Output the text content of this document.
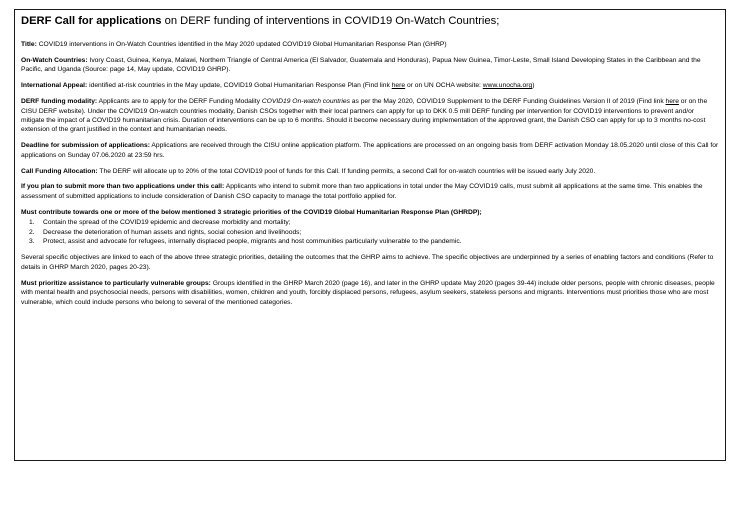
DERF Call for applications on DERF funding of interventions in COVID19 On-Watch Countries;

Title: COVID19 interventions in On-Watch Countries identified in the May 2020 updated COVID19 Global Humanitarian Response Plan (GHRP)

On-Watch Countries: Ivory Coast, Guinea, Kenya, Malawi, Northern Triangle of Central America (El Salvador, Guatemala and Honduras), Papua New Guinea, Timor-Leste, Small Island Developing States in the Caribbean and the Pacific, and Uganda (Source: page 14, May update, COVID19 GHRP).

International Appeal: identified at-risk countries in the May update, COVID19 Gobal Humanitarian Response Plan (Find link here or on UN OCHA website: www.unocha.org)

DERF funding modality: Applicants are to apply for the DERF Funding Modality COVID19 On-watch countries as per the May 2020, COVID19 Supplement to the DERF Funding Guidelines Version II of 2019 (Find link here or on the CISU DERF website). Under the COVID19 On-watch countries modality, Danish CSOs together with their local partners can apply for up to DKK 0.5 mill DERF funding per intervention for COVID19 interventions to prevent and/or mitigate the impact of a COVID19 humanitarian crisis. Duration of interventions can be up to 6 months. Should it become necessary during implementation of the approved grant, the Danish CSO can apply for up to 3 months no-cost extension of the grant justified in the context and humanitarian needs.

Deadline for submission of applications: Applications are received through the CISU online application platform. The applications are processed on an ongoing basis from DERF activation Monday 18.05.2020 until close of this Call for applications on Sunday 07.06.2020 at 23:59 hrs.

Call Funding Allocation: The DERF will allocate up to 20% of the total COVID19 pool of funds for this Call. If funding permits, a second Call for on-watch countries will be issued early July 2020.

If you plan to submit more than two applications under this call: Applicants who intend to submit more than two applications in total under the May COVID19 calls, must submit all applications at the same time. This enables the assessment of submitted applications to include consideration of Danish CSO capacity to manage the total portfolio applied for.

Must contribute towards one or more of the below mentioned 3 strategic priorities of the COVID19 Global Humanitarian Response Plan (GHRDP);

1. Contain the spread of the COVID19 epidemic and decrease morbidity and mortality;
2. Decrease the deterioration of human assets and rights, social cohesion and livelihoods;
3. Protect, assist and advocate for refugees, internally displaced people, migrants and host communities particularly vulnerable to the pandemic.

Several specific objectives are linked to each of the above three strategic priorities, detailing the outcomes that the GHRP aims to achieve. The specific objectives are underpinned by a series of enabling factors and conditions (Refer to details in GHRP March 2020, pages 20-23).

Must prioritize assistance to particularly vulnerable groups: Groups identified in the GHRP March 2020 (page 16), and later in the GHRP update May 2020 (pages 39-44) include older persons, people with chronic diseases, people with mental health and psychosocial needs, persons with disabilities, women, children and youth, forcibly displaced persons, refugees, asylum seekers, stateless persons and migrants. Interventions must priorities those who are most vulnerable, which could include persons who belong to several of the mentioned categories.
